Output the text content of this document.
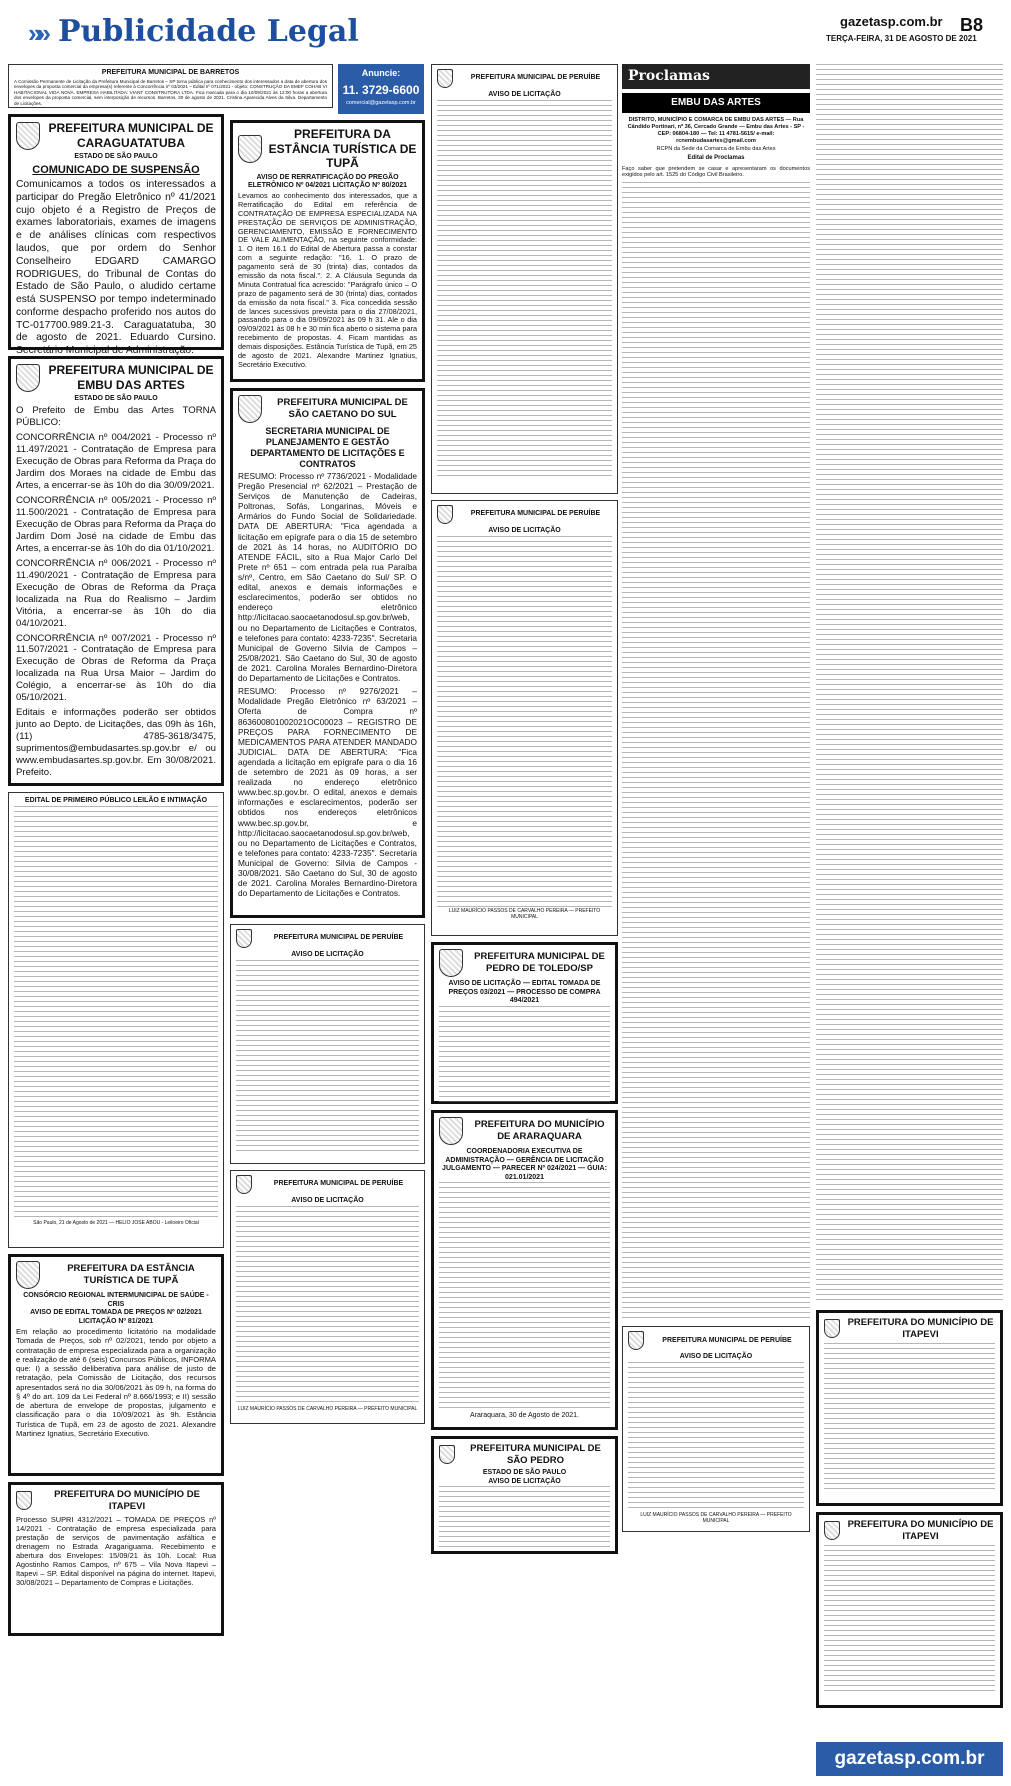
»» Publicidade Legal	gazetasp.com.br
TERÇA-FEIRA, 31 DE AGOSTO DE 2021
B8
PREFEITURA MUNICIPAL DE BARRETOS

A Comissão Permanente de Licitação da Prefeitura Municipal de Barretos – SP torna pública para conhecimento dos interessados a data de abertura dos envelopes da proposta comercial da empresa(s) referente à Concorrência nº 03/2021 – Edital nº 071/2021 - objeto: CONSTRUÇÃO DA EMEF COHAB VI HABITACIONAL VIDA NOVA. EMPRESA HABILITADA: VIANT CONSTRUTORA LTDA. Fica marcada para o dia 10/09/2021 às 12:00 horas a abertura dos envelopes da proposta comercial, sem interposição de recursos. Barretos, 30 de agosto de 2021. Cristina Aparecida Alves da Silva. Departamento de Licitações.

PREFEITURA MUNICIPAL DE CARAGUATATUBA
ESTADO DE SÃO PAULO
COMUNICADO DE SUSPENSÃO

Comunicamos a todos os interessados a participar do Pregão Eletrônico nº 41/2021 cujo objeto é a Registro de Preços de exames laboratoriais, exames de imagens e de análises clínicas com respectivos laudos, que por ordem do Senhor Conselheiro EDGARD CAMARGO RODRIGUES, do Tribunal de Contas do Estado de São Paulo, o aludido certame está SUSPENSO por tempo indeterminado conforme despacho proferido nos autos do TC-017700.989.21-3. Caraguatatuba, 30 de agosto de 2021. Eduardo Cursino. Secretário Municipal de Administração.

PREFEITURA MUNICIPAL DE EMBU DAS ARTES
ESTADO DE SÃO PAULO

O Prefeito de Embu das Artes TORNA PÚBLICO:

CONCORRÊNCIA nº 004/2021 - Processo nº 11.497/2021 - Contratação de Empresa para Execução de Obras para Reforma da Praça do Jardim dos Moraes na cidade de Embu das Artes, a encerrar-se às 10h do dia 30/09/2021.

CONCORRÊNCIA nº 005/2021 - Processo nº 11.500/2021 - Contratação de Empresa para Execução de Obras para Reforma da Praça do Jardim Dom José na cidade de Embu das Artes, a encerrar-se às 10h do dia 01/10/2021.

CONCORRÊNCIA nº 006/2021 - Processo nº 11.490/2021 - Contratação de Empresa para Execução de Obras de Reforma da Praça localizada na Rua do Realismo – Jardim Vitória, a encerrar-se às 10h do dia 04/10/2021.

CONCORRÊNCIA nº 007/2021 - Processo nº 11.507/2021 - Contratação de Empresa para Execução de Obras de Reforma da Praça localizada na Rua Ursa Maior – Jardim do Colégio, a encerrar-se às 10h do dia 05/10/2021.

Editais e informações poderão ser obtidos junto ao Depto. de Licitações, das 09h às 16h, (11) 4785-3618/3475, suprimentos@embudasartes.sp.gov.br e/ ou www.embudasartes.sp.gov.br. Em 30/08/2021. Prefeito.

EDITAL DE PRIMEIRO PÚBLICO LEILÃO E INTIMAÇÃO
São Paulo, 21 de Agosto de 2021 — HELIO JOSE ABOU - Leiloeiro Oficial
PREFEITURA DA ESTÂNCIA TURÍSTICA DE TUPÃ
CONSÓRCIO REGIONAL INTERMUNICIPAL DE SAÚDE - CRIS
AVISO DE EDITAL TOMADA DE PREÇOS Nº 02/2021 LICITAÇÃO Nº 81/2021

Em relação ao procedimento licitatório na modalidade Tomada de Preços, sob nº 02/2021, tendo por objeto a contratação de empresa especializada para a organização e realização de até 6 (seis) Concursos Públicos, INFORMA que: I) a sessão deliberativa para análise de justo de retratação, pela Comissão de Licitação, dos recursos apresentados será no dia 30/06/2021 às 09 h, na forma do § 4º do art. 109 da Lei Federal nº 8.666/1993; e II) sessão de abertura de envelope de propostas, julgamento e classificação para o dia 10/09/2021 às 9h. Estância Turística de Tupã, em 23 de agosto de 2021. Alexandre Martinez Ignatius, Secretário Executivo.

PREFEITURA DO MUNICÍPIO DE ITAPEVI

Processo SUPRI 4312/2021 – TOMADA DE PREÇOS nº 14/2021 - Contratação de empresa especializada para prestação de serviços de pavimentação asfáltica e drenagem no Estrada Aragariguama. Recebimento e abertura dos Envelopes: 15/09/21 às 10h. Local: Rua Agostinho Ramos Campos, nº 675 – Vila Nova Itapevi – Itapevi – SP. Edital disponível na página do internet. Itapevi, 30/08/2021 – Departamento de Compras e Licitações.

Anuncie:
11. 3729-6600
comercial@gazetasp.com.br
PREFEITURA DA ESTÂNCIA TURÍSTICA DE TUPÃ
AVISO DE RERRATIFICAÇÃO DO PREGÃO ELETRÔNICO Nº 04/2021 LICITAÇÃO Nº 80/2021

Levamos ao conhecimento dos interessados, que a Rerratificação do Edital em referência de CONTRATAÇÃO DE EMPRESA ESPECIALIZADA NA PRESTAÇÃO DE SERVIÇOS DE ADMINISTRAÇÃO, GERENCIAMENTO, EMISSÃO E FORNECIMENTO DE VALE ALIMENTAÇÃO, na seguinte conformidade: 1. O item 16.1 do Edital de Abertura passa a constar com a seguinte redação: "16. 1. O prazo de pagamento será de 30 (trinta) dias, contados da emissão da nota fiscal.". 2. A Cláusula Segunda da Minuta Contratual fica acrescido: "Parágrafo único – O prazo de pagamento será de 30 (trinta) dias, contados da emissão da nota fiscal." 3. Fica concedida sessão de lances sucessivos prevista para o dia 27/08/2021, passando para o dia 09/09/2021 às 09 h 31. Ale o dia 09/09/2021 às 08 h e 30 min fica aberto o sistema para recebimento de propostas. 4. Ficam mantidas as demais disposições. Estância Turística de Tupã, em 25 de agosto de 2021. Alexandre Martinez Ignatius, Secretário Executivo.

PREFEITURA MUNICIPAL DE SÃO CAETANO DO SUL
SECRETARIA MUNICIPAL DE PLANEJAMENTO E GESTÃO DEPARTAMENTO DE LICITAÇÕES E CONTRATOS

RESUMO: Processo nº 7736/2021 - Modalidade Pregão Presencial nº 62/2021 – Prestação de Serviços de Manutenção de Cadeiras, Poltronas, Sofás, Longarinas, Móveis e Armários do Fundo Social de Solidariedade. DATA DE ABERTURA: "Fica agendada a licitação em epígrafe para o dia 15 de setembro de 2021 às 14 horas, no AUDITÓRIO DO ATENDE FÁCIL, sito a Rua Major Carlo Del Prete nº 651 – com entrada pela rua Paraíba s/nº, Centro, em São Caetano do Sul/ SP. O edital, anexos e demais informações e esclarecimentos, poderão ser obtidos no endereço eletrônico http://licitacao.saocaetanodosul.sp.gov.br/web, ou no Departamento de Licitações e Contratos, e telefones para contato: 4233-7235". Secretaria Municipal de Governo Silvia de Campos – 25/08/2021. São Caetano do Sul, 30 de agosto de 2021. Carolina Morales Bernardino-Diretora do Departamento de Licitações e Contratos.

RESUMO: Processo nº 9276/2021 – Modalidade Pregão Eletrônico nº 63/2021 – Oferta de Compra nº 863600801002021OC00023 – REGISTRO DE PREÇOS PARA FORNECIMENTO DE MEDICAMENTOS PARA ATENDER MANDADO JUDICIAL. DATA DE ABERTURA: "Fica agendada a licitação em epígrafe para o dia 16 de setembro de 2021 às 09 horas, a ser realizada no endereço eletrônico www.bec.sp.gov.br. O edital, anexos e demais informações e esclarecimentos, poderão ser obtidos nos endereços eletrônicos www.bec.sp.gov.br, e http://licitacao.saocaetanodosul.sp.gov.br/web, ou no Departamento de Licitações e Contratos, e telefones para contato: 4233-7235". Secretaria Municipal de Governo: Silvia de Campos - 30/08/2021. São Caetano do Sul, 30 de agosto de 2021. Carolina Morales Bernardino-Diretora do Departamento de Licitações e Contratos.

PREFEITURA MUNICIPAL DE PERUÍBE
AVISO DE LICITAÇÃO
PREFEITURA MUNICIPAL DE PERUÍBE
AVISO DE LICITAÇÃO
LUIZ MAURÍCIO PASSOS DE CARVALHO PEREIRA — PREFEITO MUNICIPAL
PREFEITURA MUNICIPAL DE PERUÍBE
AVISO DE LICITAÇÃO
PREFEITURA MUNICIPAL DE PERUÍBE
AVISO DE LICITAÇÃO
LUIZ MAURÍCIO PASSOS DE CARVALHO PEREIRA — PREFEITO MUNICIPAL
PREFEITURA MUNICIPAL DE PEDRO DE TOLEDO/SP
AVISO DE LICITAÇÃO — EDITAL TOMADA DE PREÇOS 03/2021 — PROCESSO DE COMPRA 494/2021
PREFEITURA DO MUNICÍPIO DE ARARAQUARA
COORDENADORIA EXECUTIVA DE ADMINISTRAÇÃO — GERÊNCIA DE LICITAÇÃO
JULGAMENTO — PARECER Nº 024/2021 — GUIA: 021.01/2021
Araraquara, 30 de Agosto de 2021.
PREFEITURA MUNICIPAL DE SÃO PEDRO
ESTADO DE SÃO PAULO
AVISO DE LICITAÇÃO
Proclamas
EMBU DAS ARTES
DISTRITO, MUNICÍPIO E COMARCA DE EMBU DAS ARTES — Rua Cândido Portinari, nº 36, Cercado Grande — Embu das Artes - SP - CEP: 06804-180 — Tel: 11 4781-5615/ e-mail: rcnembudasartes@gmail.com

RCPN da Sede da Comarca de Embu das Artes

Edital de Proclamas

Faço saber que pretendem se casar e apresentaram os documentos exigidos pelo art. 1525 do Código Civil Brasileiro.

PREFEITURA MUNICIPAL DE PERUÍBE
AVISO DE LICITAÇÃO
LUIZ MAURÍCIO PASSOS DE CARVALHO PEREIRA — PREFEITO MUNICIPAL
PREFEITURA DO MUNICÍPIO DE ITAPEVI
PREFEITURA DO MUNICÍPIO DE ITAPEVI
gazetasp.com.br
